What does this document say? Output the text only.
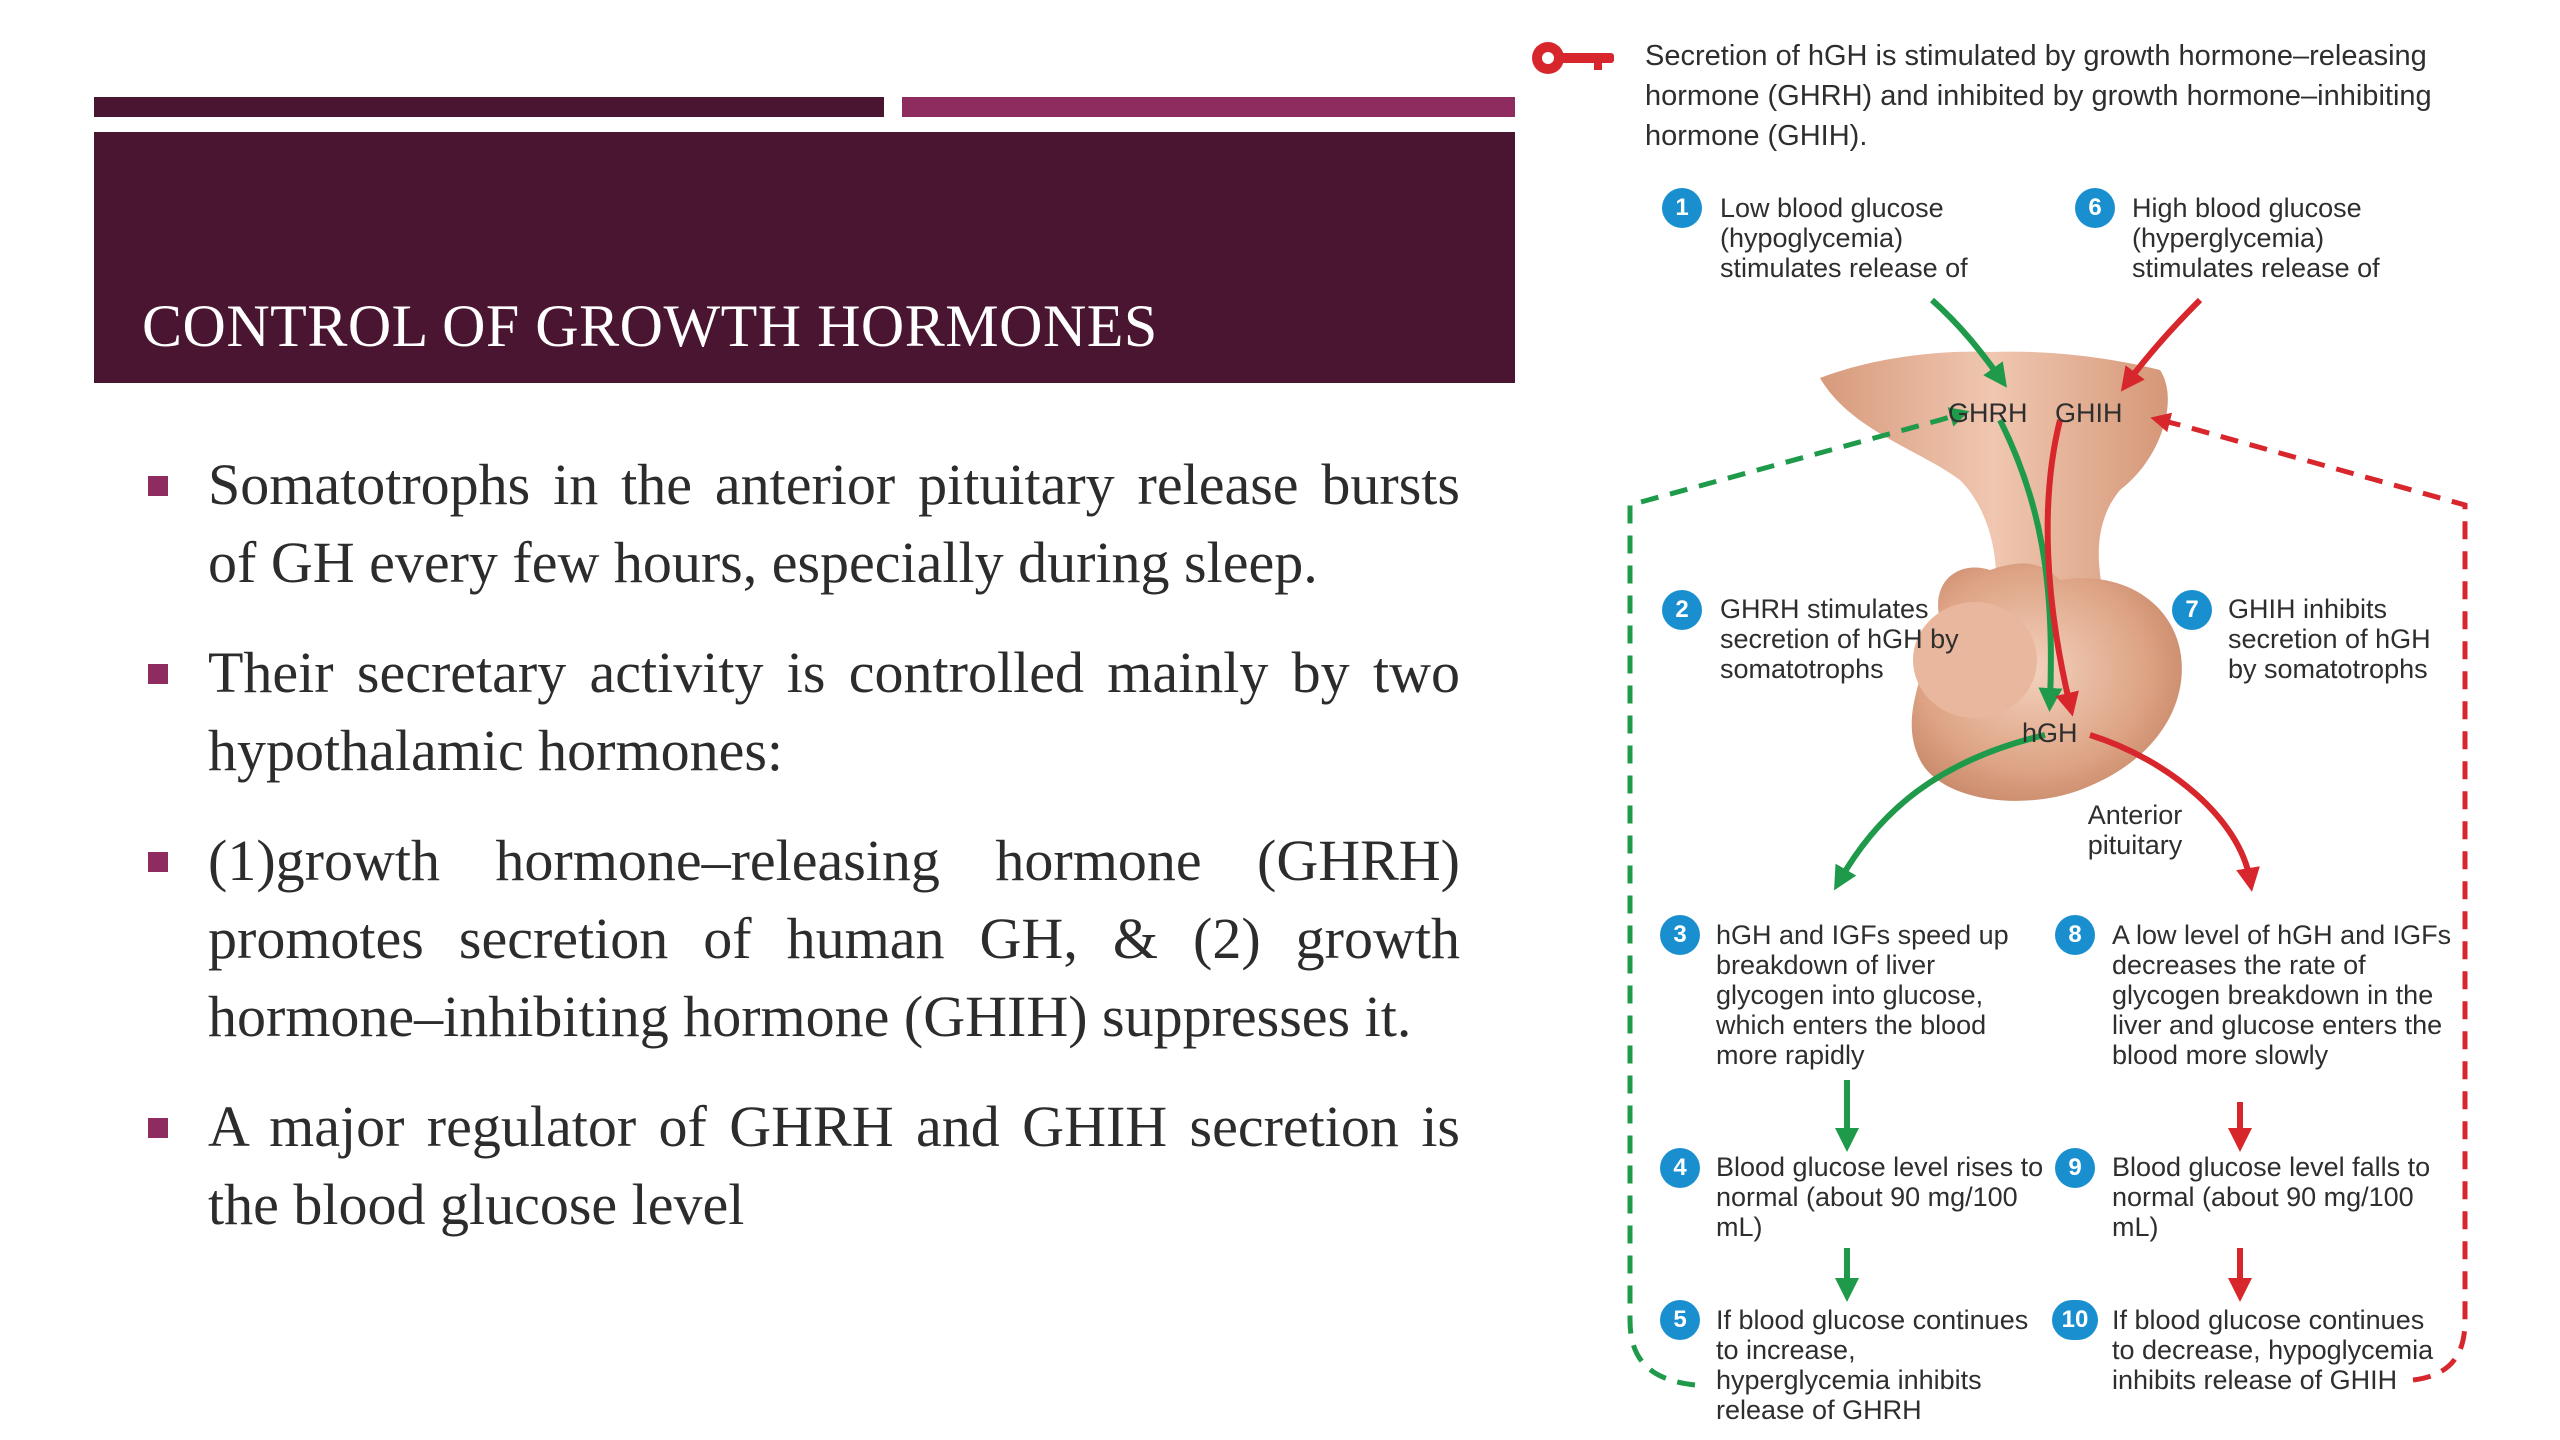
CONTROL OF GROWTH HORMONES
Somatotrophs in the anterior pituitary release bursts of GH every few hours, especially during sleep.
Their secretary activity is controlled mainly by two hypothalamic hormones:
(1)growth hormone–releasing hormone (GHRH) promotes secretion of human GH, & (2) growth hormone–inhibiting hormone (GHIH) suppresses it.
A major regulator of GHRH and GHIH secretion is the blood glucose level

Secretion of hGH is stimulated by growth hormone–releasing hormone (GHRH) and inhibited by growth hormone–inhibiting hormone (GHIH).

GHRH GHIH

hGH

Anterior pituitary

1	Low blood glucose (hypoglycemia) stimulates release of

6	High blood glucose (hyperglycemia) stimulates release of

2	GHRH stimulates secretion of hGH by somatotrophs

7	GHIH inhibits secretion of hGH by somatotrophs

3	hGH and IGFs speed up breakdown of liver glycogen into glucose, which enters the blood more rapidly

8	A low level of hGH and IGFs decreases the rate of glycogen breakdown in the liver and glucose enters the blood more slowly

4	Blood glucose level rises to normal (about 90 mg/100 mL)

9	Blood glucose level falls to normal (about 90 mg/100 mL)

5	If blood glucose continues to increase, hyperglycemia inhibits release of GHRH

10 If blood glucose continues to decrease, hypoglycemia inhibits release of GHIH
